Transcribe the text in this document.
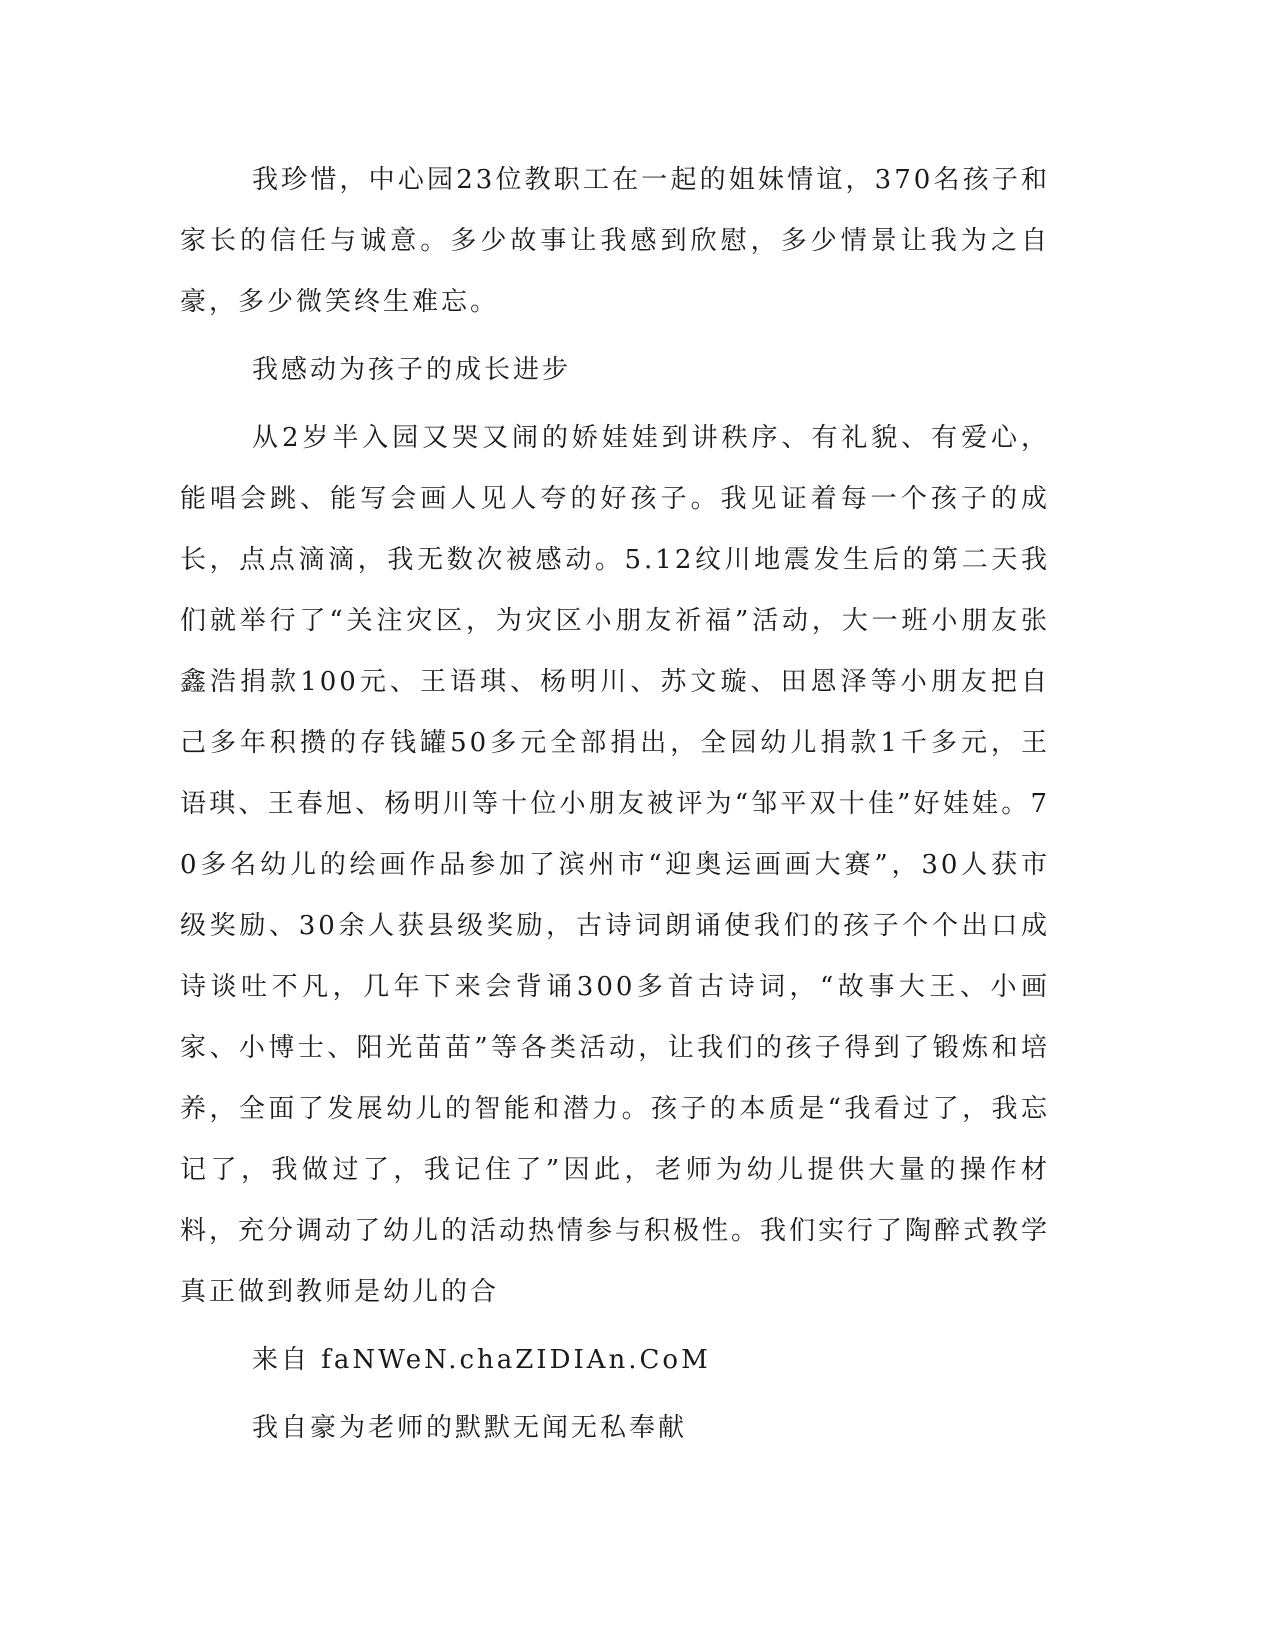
我珍惜，中心园23位教职工在一起的姐妹情谊，370名孩子和家长的信任与诚意。多少故事让我感到欣慰，多少情景让我为之自豪，多少微笑终生难忘。

我感动为孩子的成长进步

从2岁半入园又哭又闹的娇娃娃到讲秩序、有礼貌、有爱心，能唱会跳、能写会画人见人夸的好孩子。我见证着每一个孩子的成长，点点滴滴，我无数次被感动。5.12纹川地震发生后的第二天我们就举行了“关注灾区，为灾区小朋友祈福”活动，大一班小朋友张鑫浩捐款100元、王语琪、杨明川、苏文璇、田恩泽等小朋友把自己多年积攒的存钱罐50多元全部捐出，全园幼儿捐款1千多元，王语琪、王春旭、杨明川等十位小朋友被评为“邹平双十佳”好娃娃。7 0多名幼儿的绘画作品参加了滨州市“迎奥运画画大赛”，30人获市级奖励、30余人获县级奖励，古诗词朗诵使我们的孩子个个出口成诗谈吐不凡，几年下来会背诵300多首古诗词，“故事大王、小画家、小博士、阳光苗苗”等各类活动，让我们的孩子得到了锻炼和培养，全面了发展幼儿的智能和潜力。孩子的本质是“我看过了，我忘记了，我做过了，我记住了”因此，老师为幼儿提供大量的操作材料，充分调动了幼儿的活动热情参与积极性。我们实行了陶醉式教学真正做到教师是幼儿的合

来自 faNWeN.chaZIDIAn.CoM

我自豪为老师的默默无闻无私奉献
